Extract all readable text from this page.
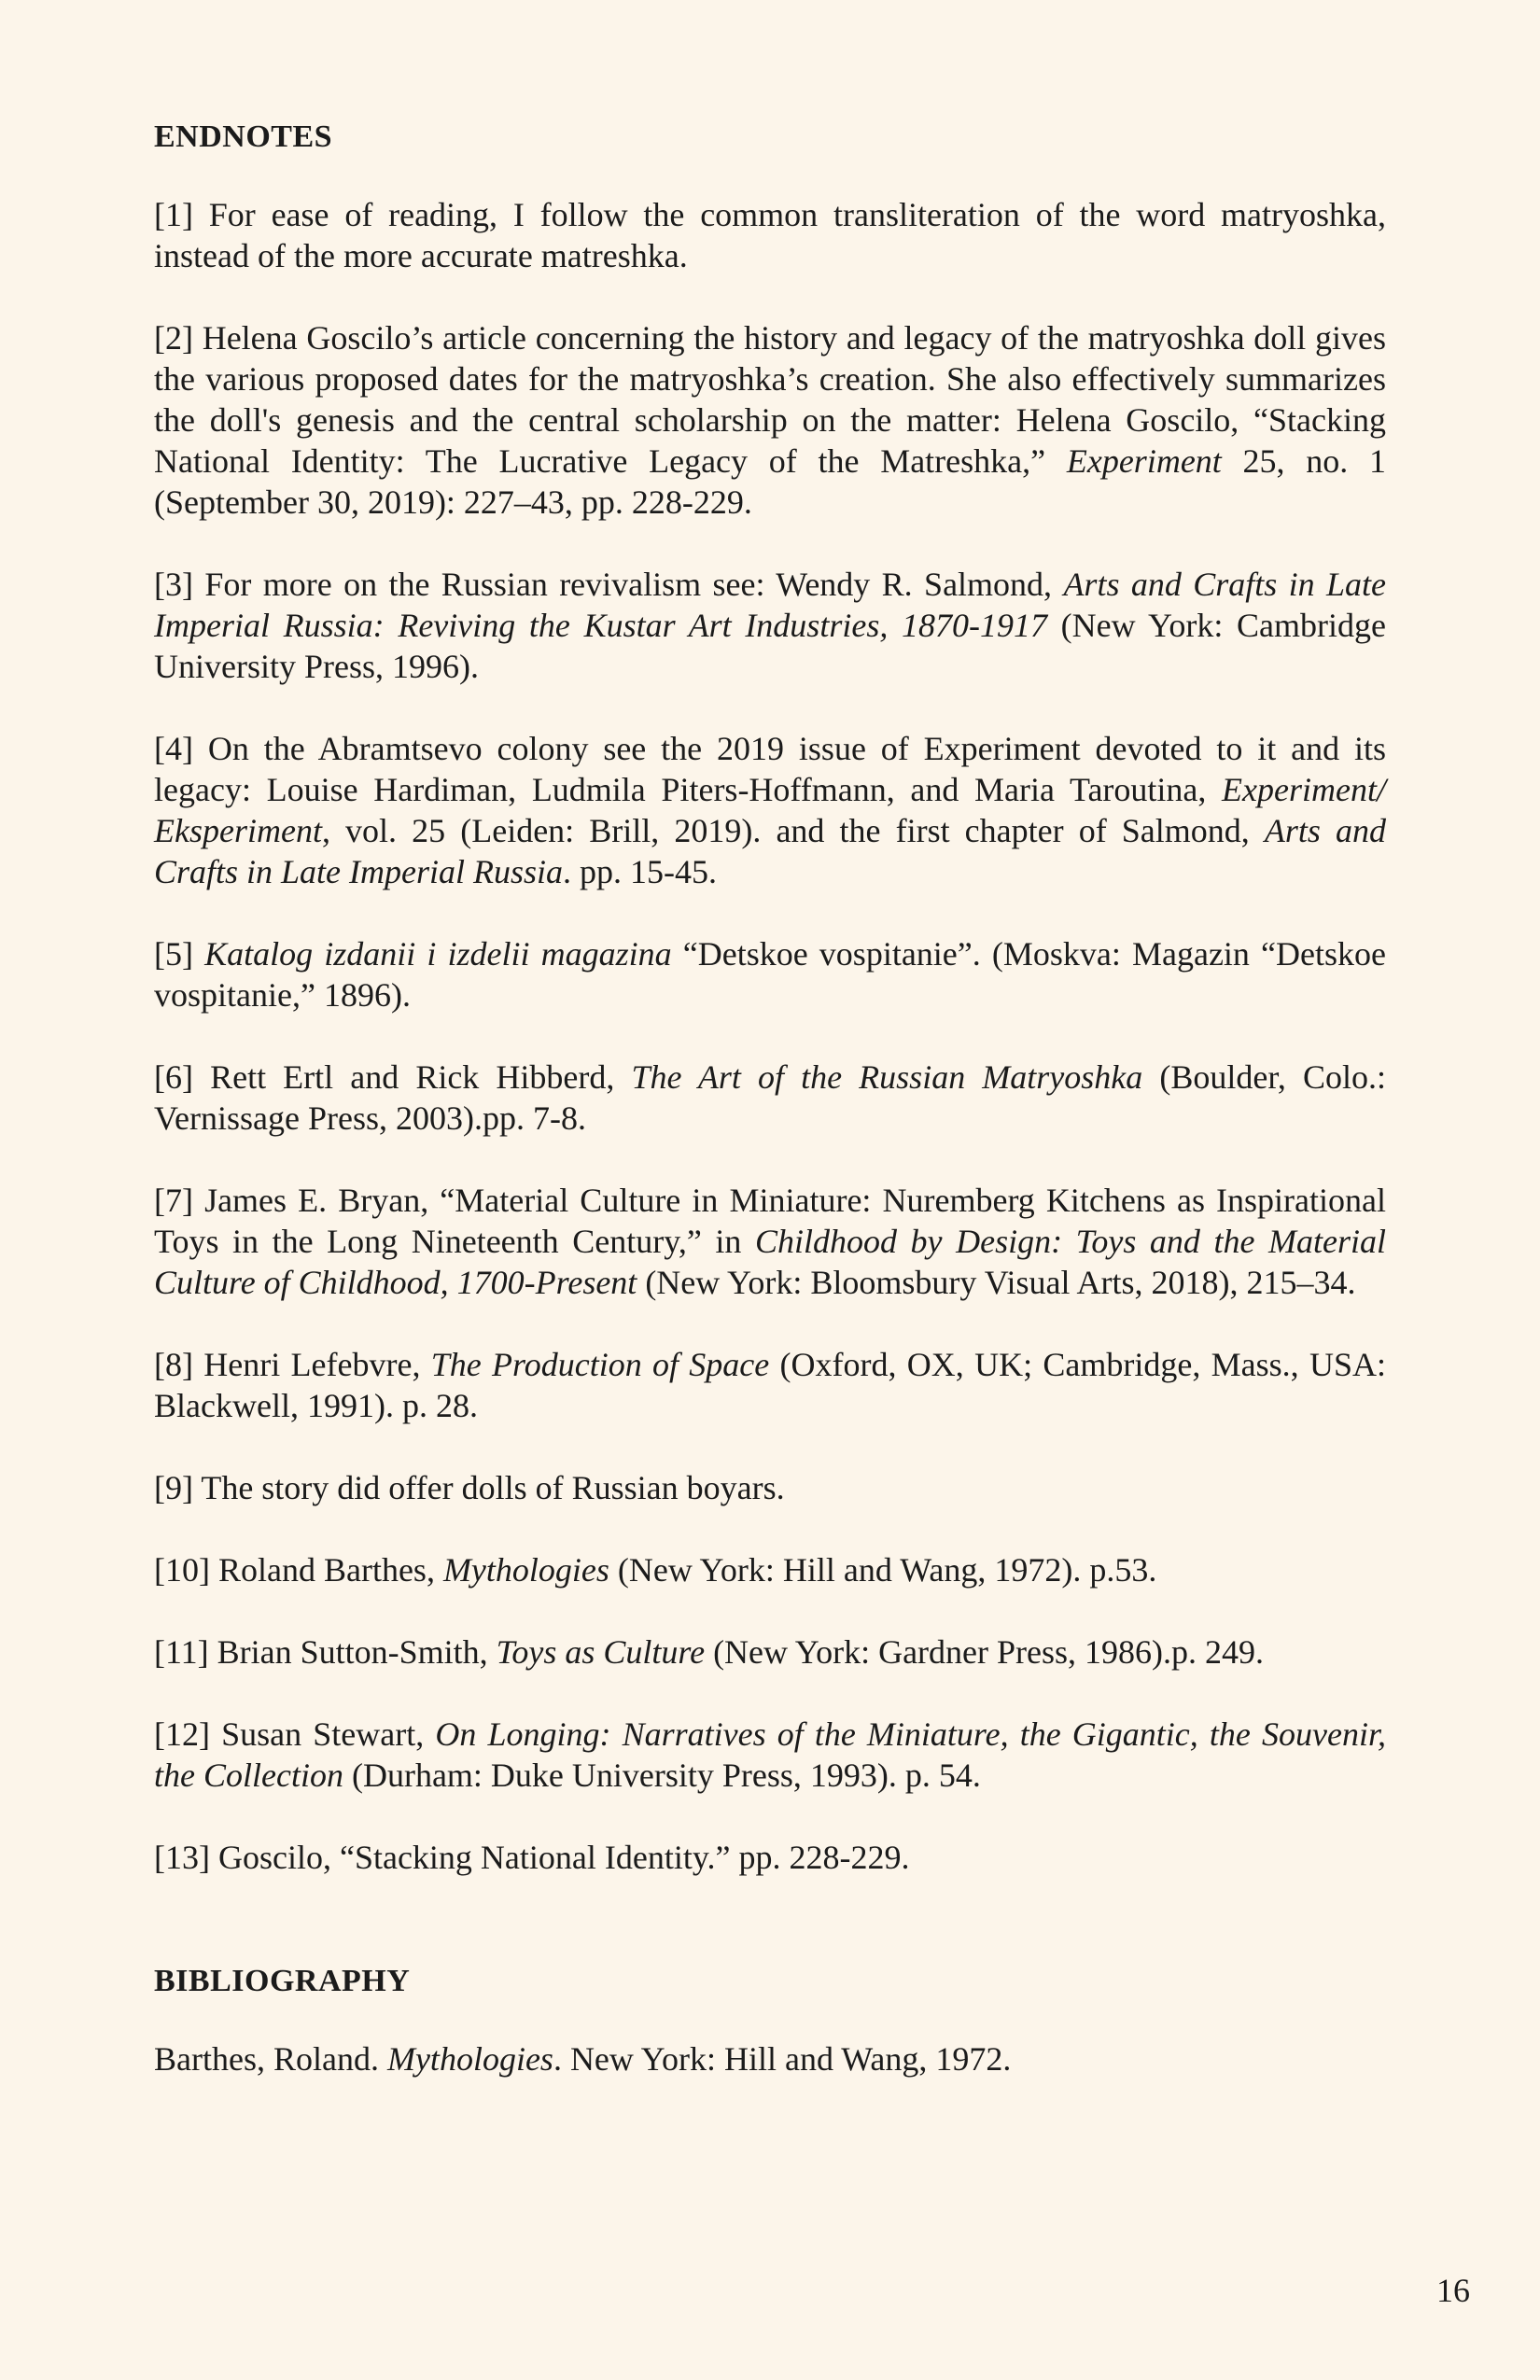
ENDNOTES

[1] For ease of reading, I follow the common transliteration of the word matryoshka, instead of the more accurate matreshka.

[2] Helena Goscilo’s article concerning the history and legacy of the matryoshka doll gives the various proposed dates for the matryoshka’s creation. She also effectively summarizes the doll's genesis and the central scholarship on the matter: Helena Goscilo, “Stacking National Identity: The Lucrative Legacy of the Matreshka,” Experiment 25, no. 1 (September 30, 2019): 227–43, pp. 228-229.

[3] For more on the Russian revivalism see: Wendy R. Salmond, Arts and Crafts in Late Imperial Russia: Reviving the Kustar Art Industries, 1870-1917 (New York: Cambridge University Press, 1996).

[4] On the Abramtsevo colony see the 2019 issue of Experiment devoted to it and its legacy: Louise Hardiman, Ludmila Piters-Hoffmann, and Maria Taroutina, Experiment/ Eksperiment, vol. 25 (Leiden: Brill, 2019). and the first chapter of Salmond, Arts and Crafts in Late Imperial Russia. pp. 15-45.

[5] Katalog izdanii i izdelii magazina “Detskoe vospitanie”. (Moskva: Magazin “Detskoe vospitanie,” 1896).

[6] Rett Ertl and Rick Hibberd, The Art of the Russian Matryoshka (Boulder, Colo.: Vernissage Press, 2003).pp. 7-8.

[7] James E. Bryan, “Material Culture in Miniature: Nuremberg Kitchens as Inspirational Toys in the Long Nineteenth Century,” in Childhood by Design: Toys and the Material Culture of Childhood, 1700-Present (New York: Bloomsbury Visual Arts, 2018), 215–34.

[8] Henri Lefebvre, The Production of Space (Oxford, OX, UK; Cambridge, Mass., USA: Blackwell, 1991). p. 28.

[9] The story did offer dolls of Russian boyars.

[10] Roland Barthes, Mythologies (New York: Hill and Wang, 1972). p.53.

[11] Brian Sutton-Smith, Toys as Culture (New York: Gardner Press, 1986).p. 249.

[12] Susan Stewart, On Longing: Narratives of the Miniature, the Gigantic, the Souvenir, the Collection (Durham: Duke University Press, 1993). p. 54.

[13] Goscilo, “Stacking National Identity.” pp. 228-229.

BIBLIOGRAPHY

Barthes, Roland. Mythologies. New York: Hill and Wang, 1972.

16
